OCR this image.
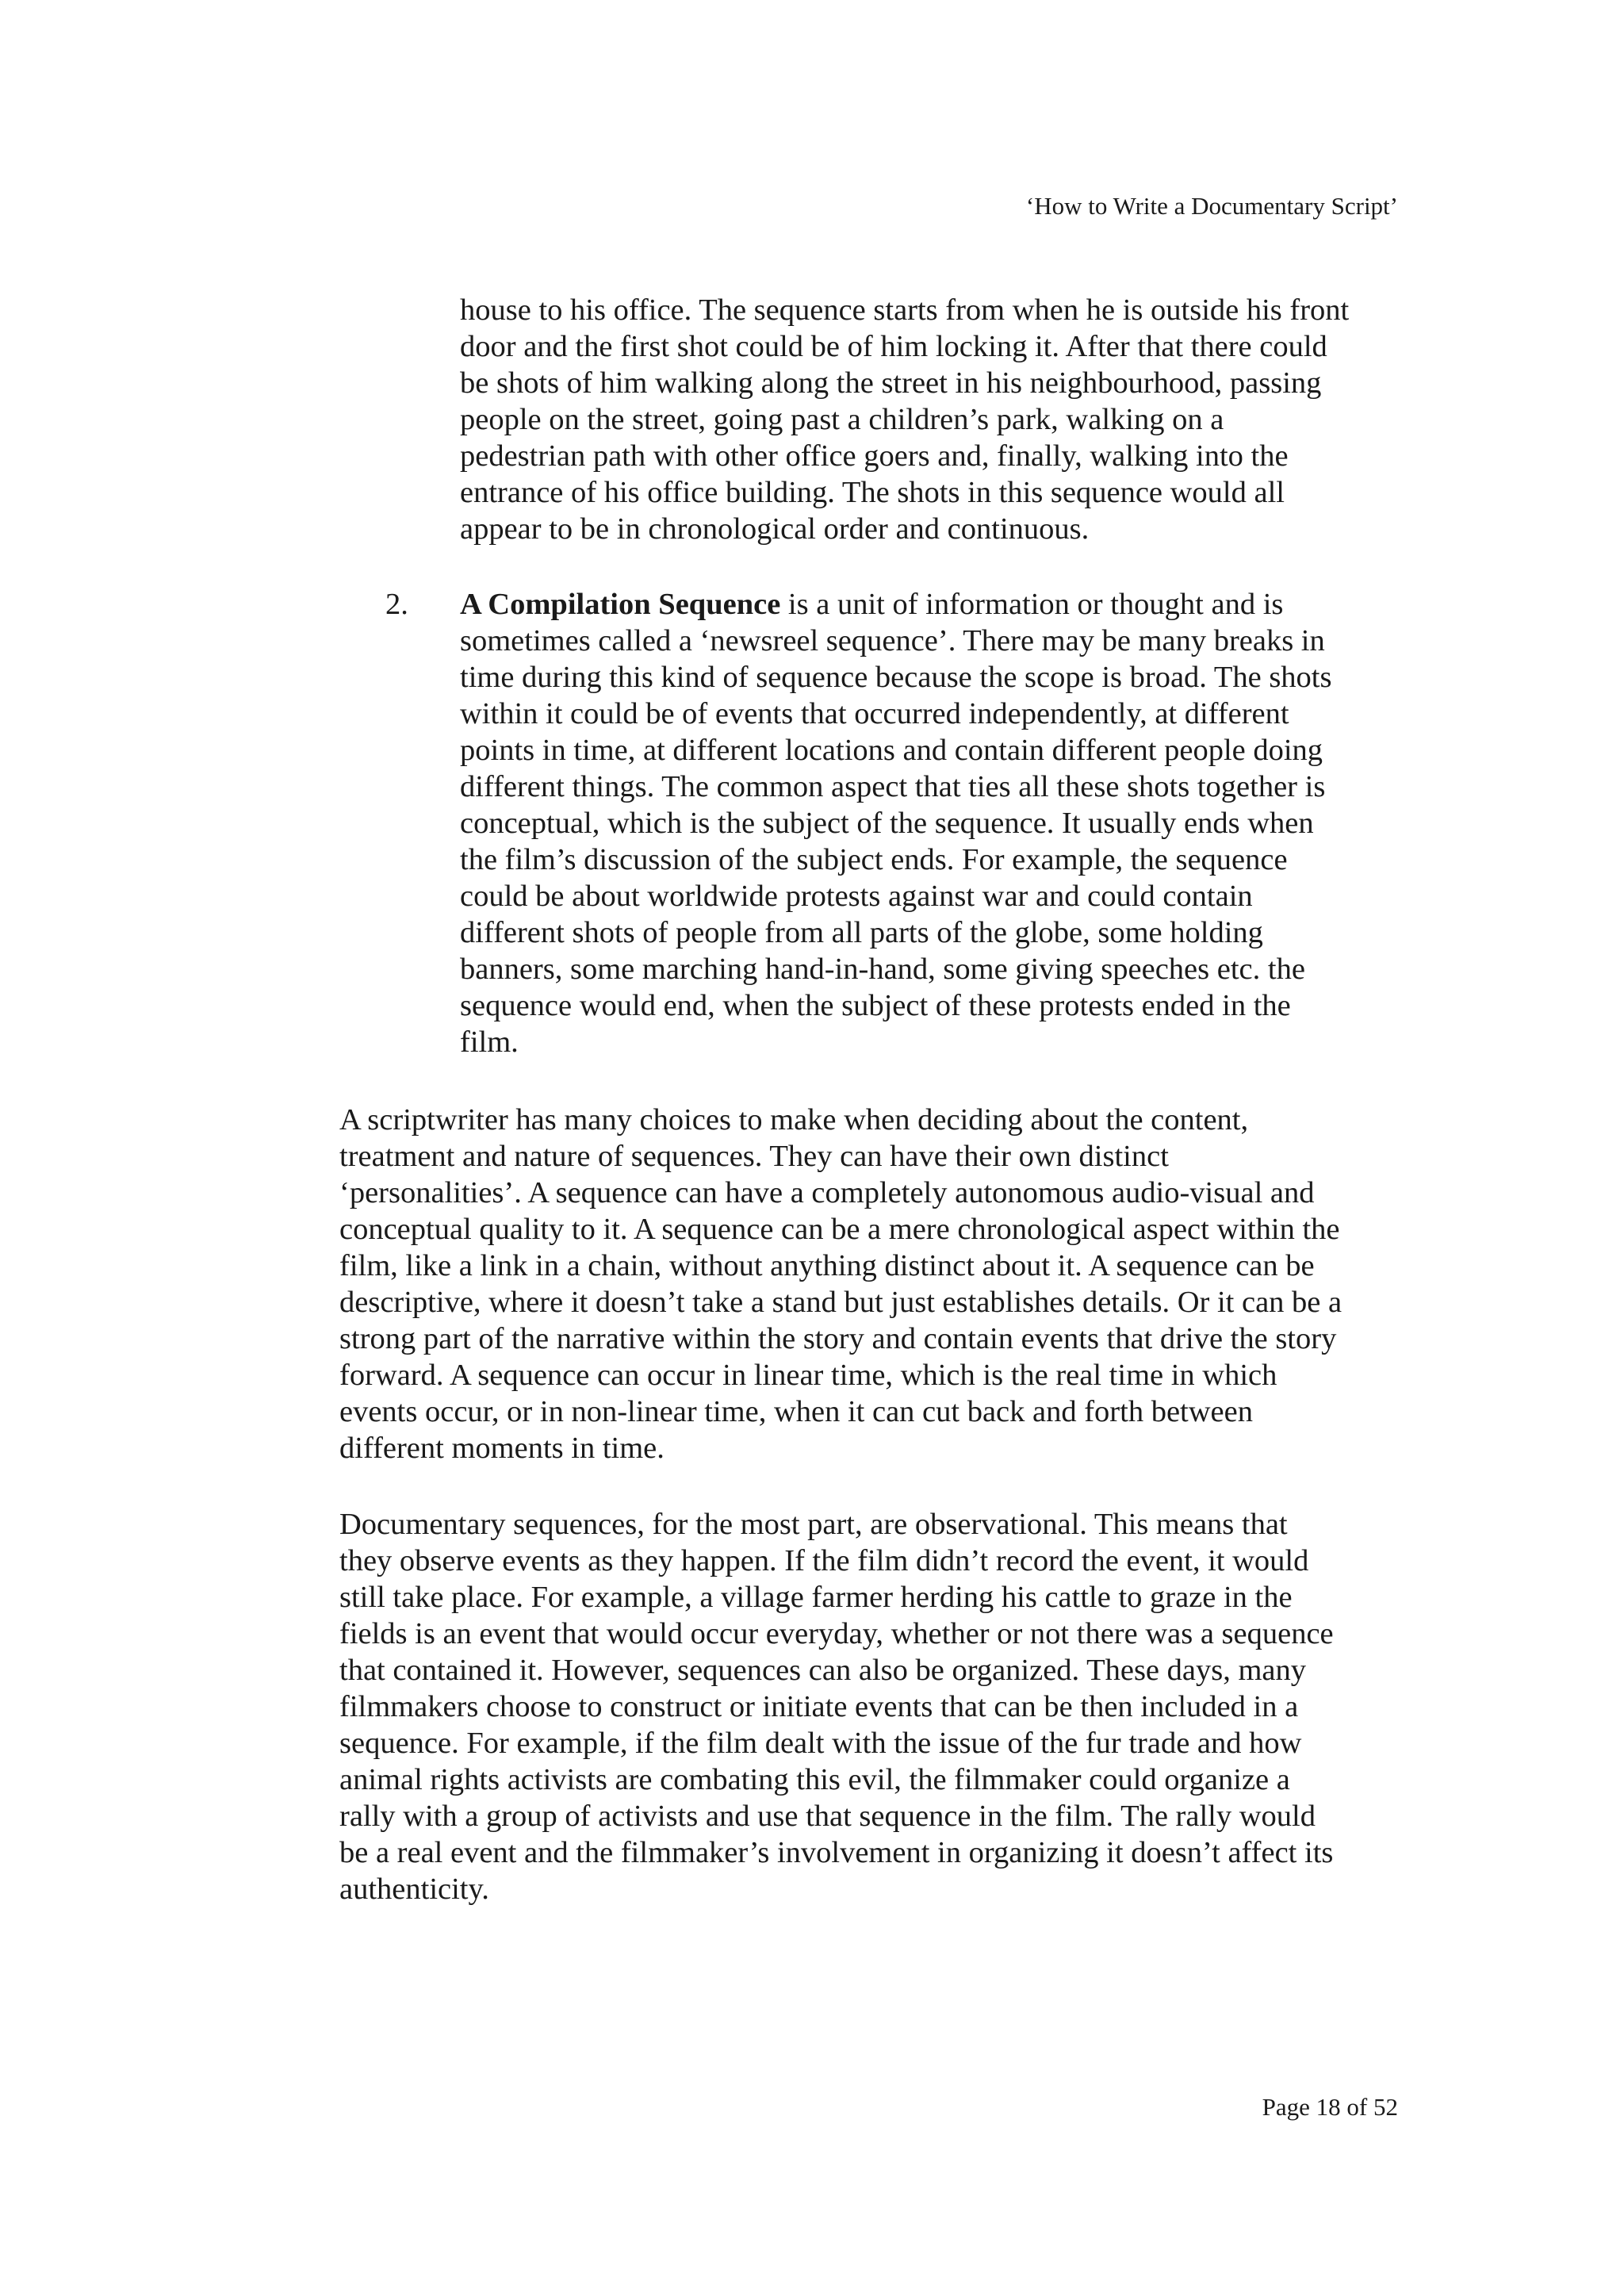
‘How to Write a Documentary Script’
house to his office. The sequence starts from when he is outside his front
door and the first shot could be of him locking it. After that there could
be shots of him walking along the street in his neighbourhood, passing
people on the street, going past a children’s park, walking on a
pedestrian path with other office goers and, finally, walking into the
entrance of his office building. The shots in this sequence would all
appear to be in chronological order and continuous.
2. A Compilation Sequence is a unit of information or thought and is
sometimes called a ‘newsreel sequence’. There may be many breaks in
time during this kind of sequence because the scope is broad. The shots
within it could be of events that occurred independently, at different
points in time, at different locations and contain different people doing
different things. The common aspect that ties all these shots together is
conceptual, which is the subject of the sequence. It usually ends when
the film’s discussion of the subject ends. For example, the sequence
could be about worldwide protests against war and could contain
different shots of people from all parts of the globe, some holding
banners, some marching hand-in-hand, some giving speeches etc. the
sequence would end, when the subject of these protests ended in the
film.
A scriptwriter has many choices to make when deciding about the content,
treatment and nature of sequences. They can have their own distinct
‘personalities’. A sequence can have a completely autonomous audio-visual and
conceptual quality to it. A sequence can be a mere chronological aspect within the
film, like a link in a chain, without anything distinct about it. A sequence can be
descriptive, where it doesn’t take a stand but just establishes details. Or it can be a
strong part of the narrative within the story and contain events that drive the story
forward. A sequence can occur in linear time, which is the real time in which
events occur, or in non-linear time, when it can cut back and forth between
different moments in time.
Documentary sequences, for the most part, are observational. This means that
they observe events as they happen. If the film didn’t record the event, it would
still take place. For example, a village farmer herding his cattle to graze in the
fields is an event that would occur everyday, whether or not there was a sequence
that contained it. However, sequences can also be organized. These days, many
filmmakers choose to construct or initiate events that can be then included in a
sequence. For example, if the film dealt with the issue of the fur trade and how
animal rights activists are combating this evil, the filmmaker could organize a
rally with a group of activists and use that sequence in the film. The rally would
be a real event and the filmmaker’s involvement in organizing it doesn’t affect its
authenticity.
Page 18 of 52
